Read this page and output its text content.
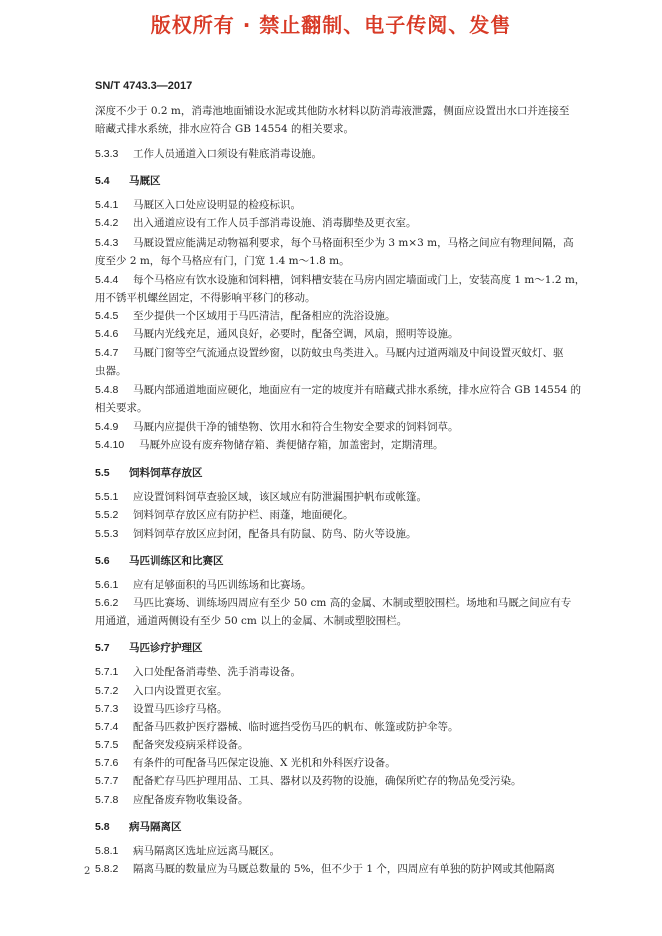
版权所有 · 禁止翻制、电子传阅、发售
SN/T 4743.3—2017
深度不少于 0.2 m，消毒池地面铺设水泥或其他防水材料以防消毒液泄露，侧面应设置出水口并连接至
暗藏式排水系统，排水应符合 GB 14554 的相关要求。
5.3.3 工作人员通道入口须设有鞋底消毒设施。
5.4 马厩区
5.4.1 马厩区入口处应设明显的检疫标识。
5.4.2 出入通道应设有工作人员手部消毒设施、消毒脚垫及更衣室。
5.4.3 马厩设置应能满足动物福利要求，每个马格面积至少为 3 m×3 m，马格之间应有物理间隔，高
度至少 2 m，每个马格应有门，门宽 1.4 m～1.8 m。
5.4.4 每个马格应有饮水设施和饲料槽，饲料槽安装在马房内固定墙面或门上，安装高度 1 m～1.2 m，
用不锈平机螺丝固定，不得影响平移门的移动。
5.4.5 至少提供一个区域用于马匹清洁，配备相应的洗浴设施。
5.4.6 马厩内光线充足，通风良好，必要时，配备空调，风扇，照明等设施。
5.4.7 马厩门窗等空气流通点设置纱窗，以防蚊虫鸟类进入。马厩内过道两端及中间设置灭蚊灯、驱
虫器。
5.4.8 马厩内部通道地面应硬化，地面应有一定的坡度并有暗藏式排水系统，排水应符合 GB 14554 的
相关要求。
5.4.9 马厩内应提供干净的铺垫物、饮用水和符合生物安全要求的饲料饲草。
5.4.10 马厩外应设有废弃物储存箱、粪便储存箱，加盖密封，定期清理。
5.5 饲料饲草存放区
5.5.1 应设置饲料饲草查验区域，该区域应有防泄漏围护帆布或帐篷。
5.5.2 饲料饲草存放区应有防护栏、雨蓬，地面硬化。
5.5.3 饲料饲草存放区应封闭，配备具有防鼠、防鸟、防火等设施。
5.6 马匹训练区和比赛区
5.6.1 应有足够面积的马匹训练场和比赛场。
5.6.2 马匹比赛场、训练场四周应有至少 50 cm 高的金属、木制或塑胶围栏。场地和马厩之间应有专
用通道，通道两侧设有至少 50 cm 以上的金属、木制或塑胶围栏。
5.7 马匹诊疗护理区
5.7.1 入口处配备消毒垫、洗手消毒设备。
5.7.2 入口内设置更衣室。
5.7.3 设置马匹诊疗马格。
5.7.4 配备马匹救护医疗器械、临时遮挡受伤马匹的帆布、帐篷或防护伞等。
5.7.5 配备突发疫病采样设备。
5.7.6 有条件的可配备马匹保定设施、X 光机和外科医疗设备。
5.7.7 配备贮存马匹护理用品、工具、器材以及药物的设施，确保所贮存的物品免受污染。
5.7.8 应配备废弃物收集设备。
5.8 病马隔离区
5.8.1 病马隔离区选址应远离马厩区。
5.8.2 隔离马厩的数量应为马厩总数量的 5%，但不少于 1 个，四周应有单独的防护网或其他隔离
2
